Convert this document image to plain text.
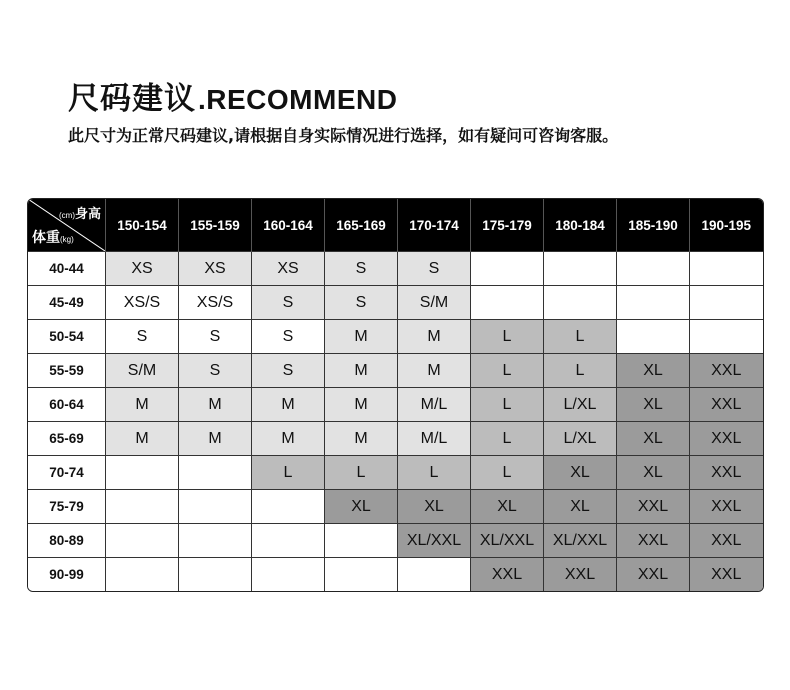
尺码建议.RECOMMEND
此尺寸为正常尺码建议,请根据自身实际情况进行选择，如有疑问可咨询客服。
(cm)身高
体重(kg)	150-154	155-159	160-164	165-169	170-174	175-179	180-184	185-190	190-195
40-44	XS	XS	XS	S	S				
45-49	XS/S	XS/S	S	S	S/M				
50-54	S	S	S	M	M	L	L		
55-59	S/M	S	S	M	M	L	L	XL	XXL
60-64	M	M	M	M	M/L	L	L/XL	XL	XXL
65-69	M	M	M	M	M/L	L	L/XL	XL	XXL
70-74			L	L	L	L	XL	XL	XXL
75-79				XL	XL	XL	XL	XXL	XXL
80-89					XL/XXL	XL/XXL	XL/XXL	XXL	XXL
90-99						XXL	XXL	XXL	XXL
